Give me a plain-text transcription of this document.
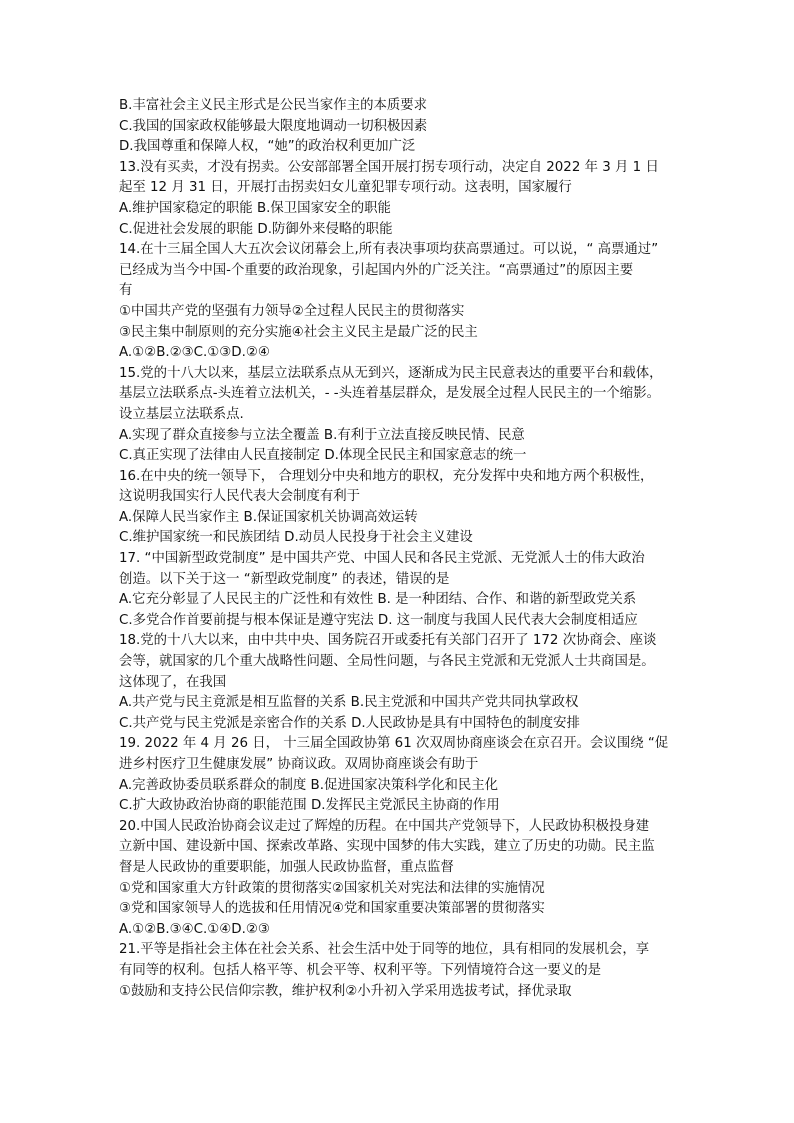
B.丰富社会主义民主形式是公民当家作主的本质要求
C.我国的国家政权能够最大限度地调动一切积极因素
D.我国尊重和保障人权，“她”的政治权利更加广泛
13.没有买卖，才没有拐卖。公安部部署全国开展打拐专项行动，决定自 2022 年 3 月 1 日
起至 12 月 31 日，开展打击拐卖妇女儿童犯罪专项行动。这表明，国家履行
A.维护国家稳定的职能 B.保卫国家安全的职能
C.促进社会发展的职能 D.防御外来侵略的职能
14.在十三届全国人大五次会议闭幕会上,所有表决事项均获高票通过。可以说，“ 高票通过”
已经成为当今中国-个重要的政治现象，引起国内外的广泛关注。“高票通过”的原因主要
有
①中国共产党的坚强有力领导②全过程人民民主的贯彻落实
③民主集中制原则的充分实施④社会主义民主是最广泛的民主
A.①②B.②③C.①③D.②④
15.党的十八大以来，基层立法联系点从无到兴，逐渐成为民主民意表达的重要平台和载体，
基层立法联系点-头连着立法机关，- -头连着基层群众，是发展全过程人民民主的一个缩影。
设立基层立法联系点.
A.实现了群众直接参与立法全覆盖 B.有利于立法直接反映民情、民意
C.真正实现了法律由人民直接制定 D.体现全民民主和国家意志的统一
16.在中央的统一领导下， 合理划分中央和地方的职权，充分发挥中央和地方两个积极性，
这说明我国实行人民代表大会制度有利于
A.保障人民当家作主 B.保证国家机关协调高效运转
C.维护国家统一和民族团结 D.动员人民投身于社会主义建设
17. “中国新型政党制度” 是中国共产党、中国人民和各民主党派、无党派人士的伟大政治
创造。以下关于这一 “新型政党制度” 的表述，错误的是
A.它充分彰显了人民民主的广泛性和有效性 B. 是一种团结、合作、和谐的新型政党关系
C.多党合作首要前提与根本保证是遵守宪法 D. 这一制度与我国人民代表大会制度相适应
18.党的十八大以来，由中共中央、国务院召开或委托有关部门召开了 172 次协商会、座谈
会等，就国家的几个重大战略性问题、全局性问题，与各民主党派和无党派人士共商国是。
这体现了，在我国
A.共产党与民主竟派是相互监督的关系 B.民主党派和中国共产党共同执掌政权
C.共产党与民主党派是亲密合作的关系 D.人民政协是具有中国特色的制度安排
19. 2022 年 4 月 26 日， 十三届全国政协第 61 次双周协商座谈会在京召开。会议围绕 “促
进乡村医疗卫生健康发展” 协商议政。双周协商座谈会有助于
A.完善政协委员联系群众的制度 B.促进国家决策科学化和民主化
C.扩大政协政治协商的职能范围 D.发挥民主党派民主协商的作用
20.中国人民政治协商会议走过了辉煌的历程。在中国共产党领导下，人民政协积极投身建
立新中国、建设新中国、探索改革路、实现中国梦的伟大实践，建立了历史的功勋。民主监
督是人民政协的重要职能，加强人民政协监督，重点监督
①党和国家重大方针政策的贯彻落实②国家机关对宪法和法律的实施情况
③党和国家领导人的选拔和任用情况④党和国家重要决策部署的贯彻落实
A.①②B.③④C.①④D.②③
21.平等是指社会主体在社会关系、社会生活中处于同等的地位，具有相同的发展机会，享
有同等的权利。包括人格平等、机会平等、权利平等。下列情境符合这一要义的是
①鼓励和支持公民信仰宗教，维护权利②小升初入学采用选拔考试，择优录取
